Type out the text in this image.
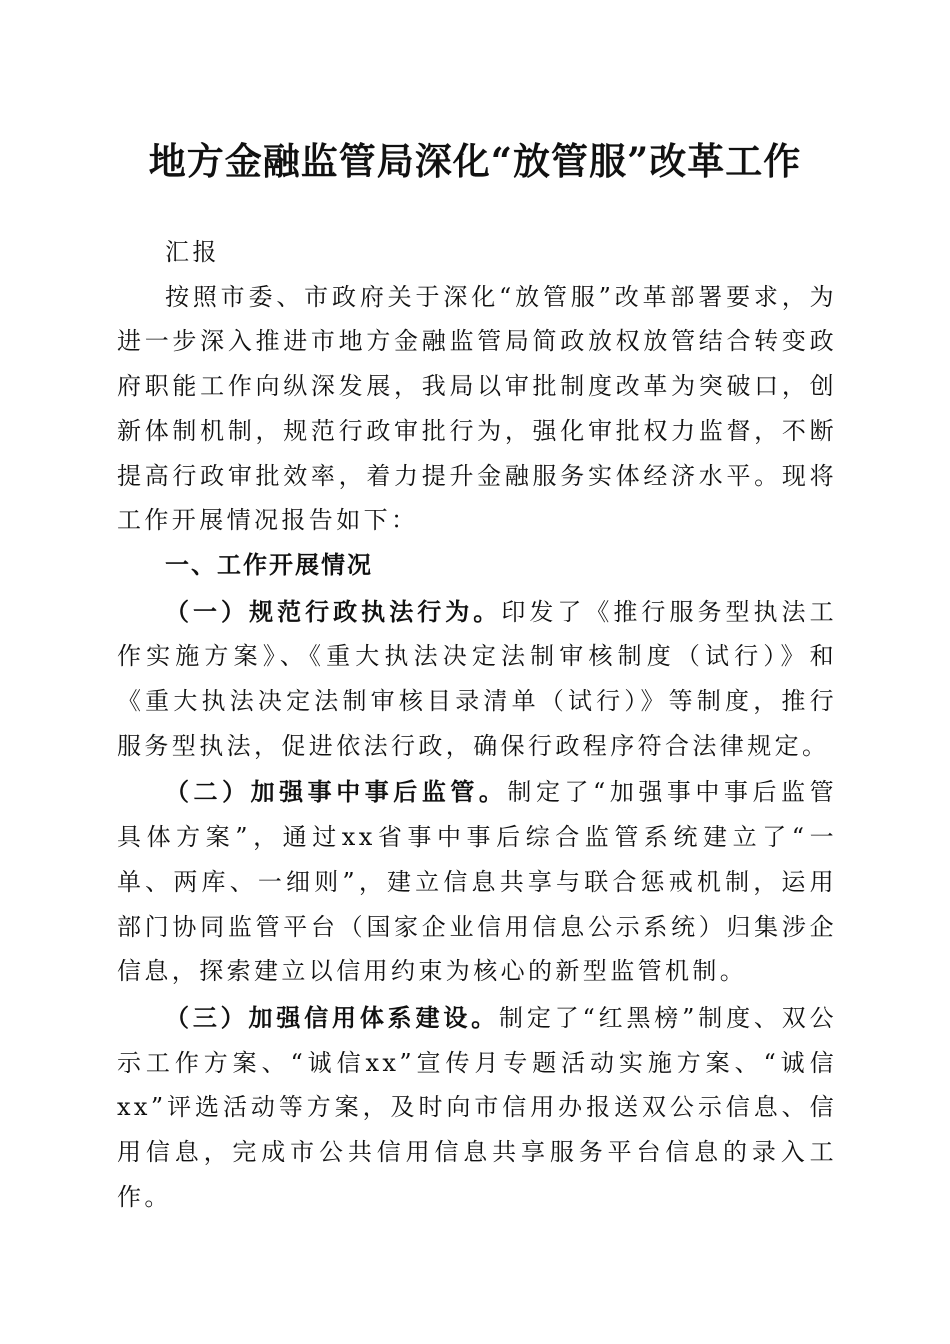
地方金融监管局深化“放管服”改革工作

汇报

按照市委、市政府关于深化“放管服”改革部署要求，为进一步深入推进市地方金融监管局简政放权放管结合转变政府职能工作向纵深发展，我局以审批制度改革为突破口，创新体制机制，规范行政审批行为，强化审批权力监督，不断提高行政审批效率，着力提升金融服务实体经济水平。现将工作开展情况报告如下：

一、工作开展情况

（一）规范行政执法行为。印发了《推行服务型执法工作实施方案》、《重大执法决定法制审核制度（试行）》和《重大执法决定法制审核目录清单（试行）》等制度，推行服务型执法，促进依法行政，确保行政程序符合法律规定。

（二）加强事中事后监管。制定了“加强事中事后监管具体方案”，通过xx省事中事后综合监管系统建立了“一单、两库、一细则”，建立信息共享与联合惩戒机制，运用部门协同监管平台（国家企业信用信息公示系统）归集涉企信息，探索建立以信用约束为核心的新型监管机制。

（三）加强信用体系建设。制定了“红黑榜”制度、双公示工作方案、“诚信xx”宣传月专题活动实施方案、“诚信xx”评选活动等方案，及时向市信用办报送双公示信息、信用信息，完成市公共信用信息共享服务平台信息的录入工作。
